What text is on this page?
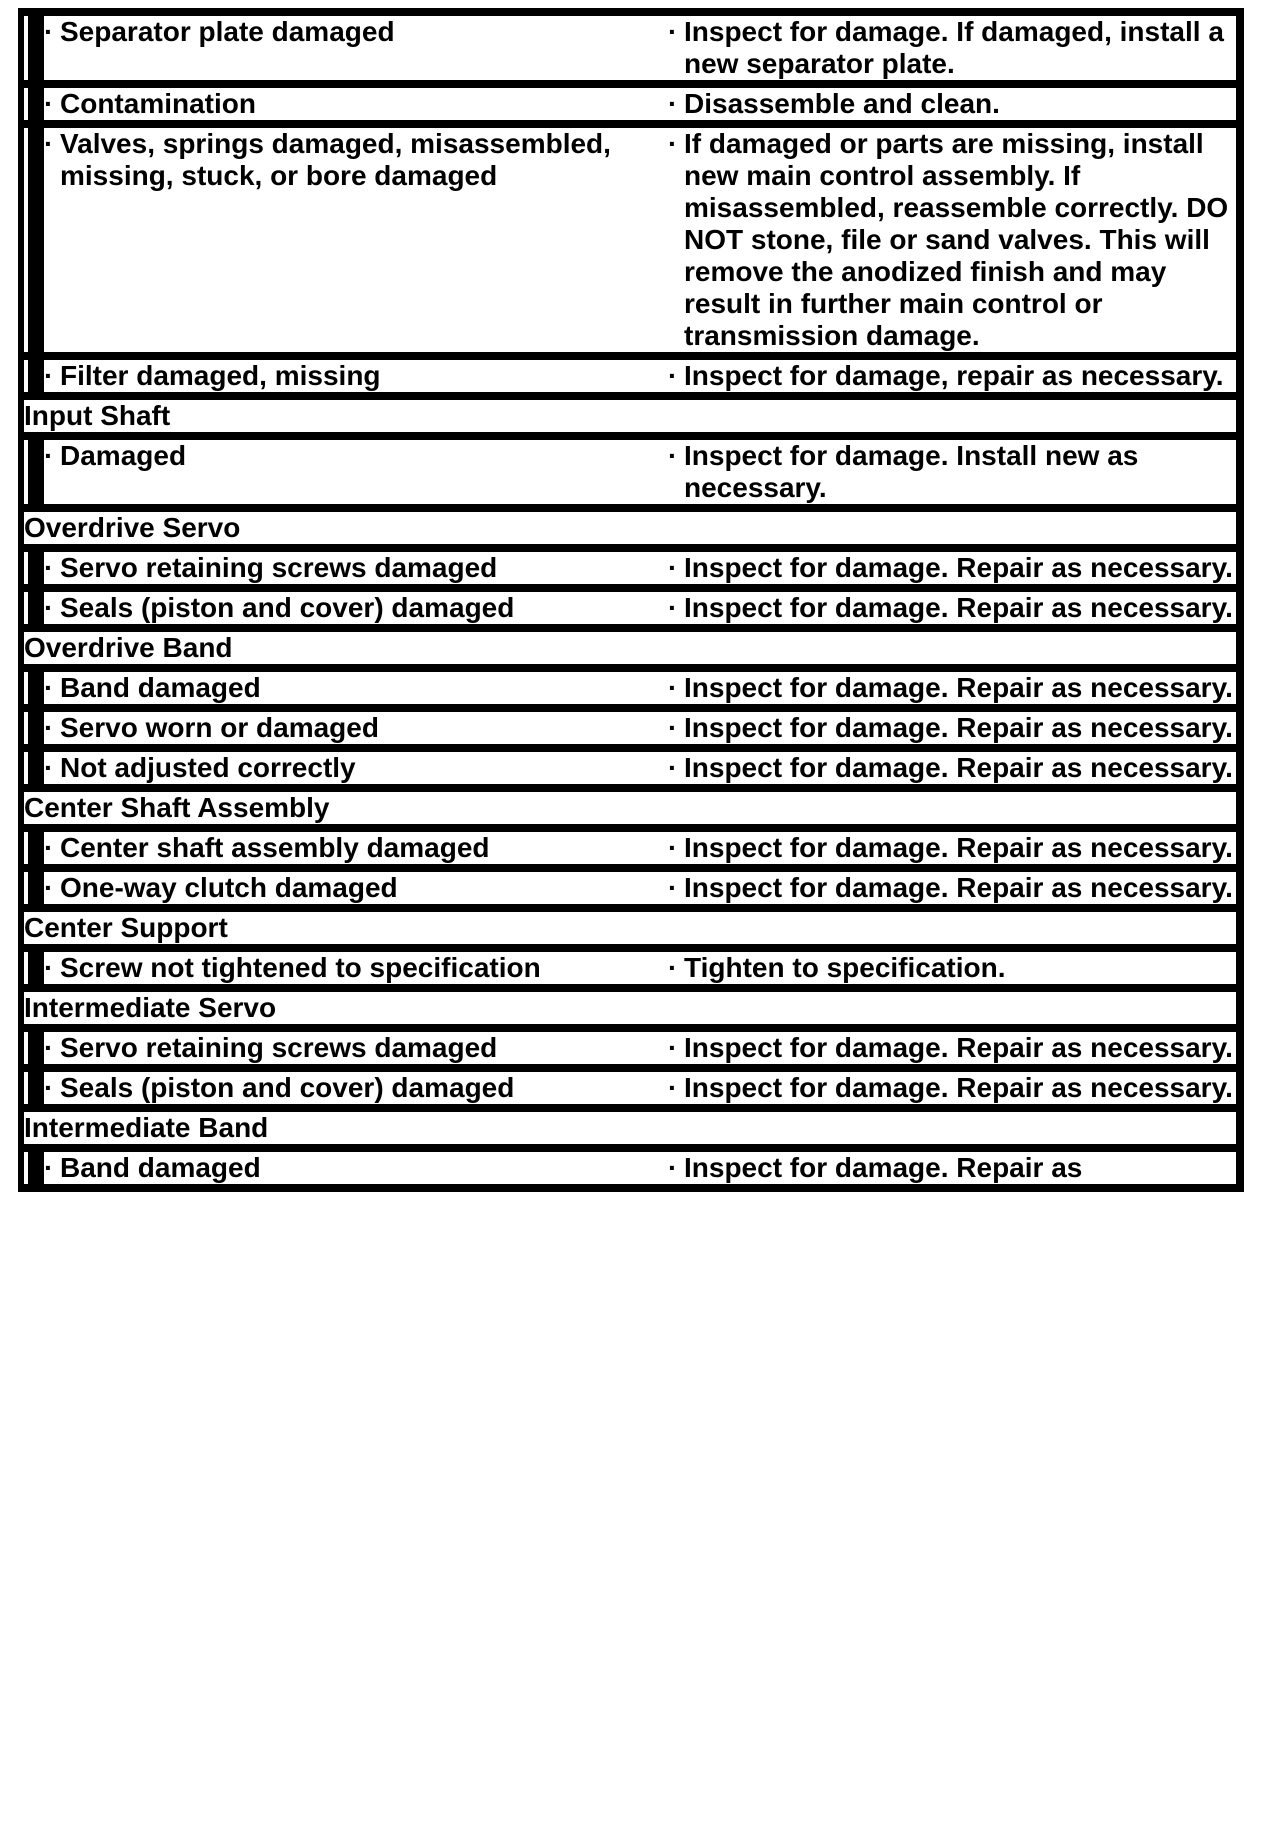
		· Separator plate damaged		· Inspect for damage. If damaged, install a new separator plate.

		· Contamination		· Disassemble and clean.

		· Valves, springs damaged, misassembled, missing, stuck, or bore damaged		· If damaged or parts are missing, install new main control assembly. If misassembled, reassemble correctly. DO NOT stone, file or sand valves. This will remove the anodized finish and may result in further main control or transmission damage.

		· Filter damaged, missing		· Inspect for damage, repair as necessary.

Input Shaft				

		· Damaged		· Inspect for damage. Install new as necessary.

Overdrive Servo				

		· Servo retaining screws damaged		· Inspect for damage. Repair as necessary.

		· Seals (piston and cover) damaged		· Inspect for damage. Repair as necessary.

Overdrive Band				

		· Band damaged		· Inspect for damage. Repair as necessary.

		· Servo worn or damaged		· Inspect for damage. Repair as necessary.

		· Not adjusted correctly		· Inspect for damage. Repair as necessary.

Center Shaft Assembly				

		· Center shaft assembly damaged		· Inspect for damage. Repair as necessary.

		· One-way clutch damaged		· Inspect for damage. Repair as necessary.

Center Support				

		· Screw not tightened to specification		· Tighten to specification.

Intermediate Servo				

		· Servo retaining screws damaged		· Inspect for damage. Repair as necessary.

		· Seals (piston and cover) damaged		· Inspect for damage. Repair as necessary.

Intermediate Band				

		· Band damaged		· Inspect for damage. Repair as
